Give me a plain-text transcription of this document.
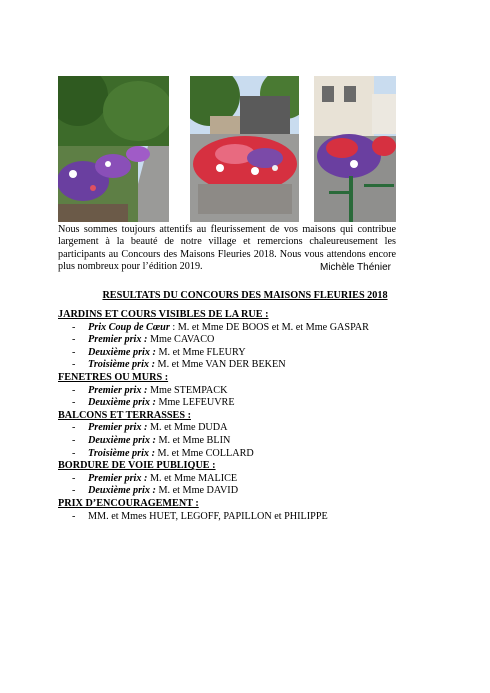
Nous sommes toujours attentifs au fleurissement de vos maisons qui contribue largement à la beauté de notre village et remercions chaleureusement les participants au Concours des Maisons Fleuries 2018. Nous vous attendons encore plus nombreux pour l’édition 2019.	Michèle Thénier
RESULTATS DU CONCOURS DES MAISONS FLEURIES 2018
JARDINS ET COURS VISIBLES DE LA RUE :
- Prix Coup de Cœur : M. et Mme DE BOOS et M. et Mme GASPAR
- Premier prix : Mme CAVACO
- Deuxième prix : M. et Mme FLEURY
- Troisième prix : M. et Mme VAN DER BEKEN
FENETRES OU MURS :
- Premier prix : Mme STEMPACK
- Deuxième prix : Mme LEFEUVRE
BALCONS ET TERRASSES :
- Premier prix : M. et Mme DUDA
- Deuxième prix : M. et Mme BLIN
- Troisième prix : M. et Mme COLLARD
BORDURE DE VOIE PUBLIQUE :
- Premier prix : M. et Mme MALICE
- Deuxième prix : M. et Mme DAVID
PRIX D’ENCOURAGEMENT :
- MM. et Mmes HUET, LEGOFF, PAPILLON et PHILIPPE
